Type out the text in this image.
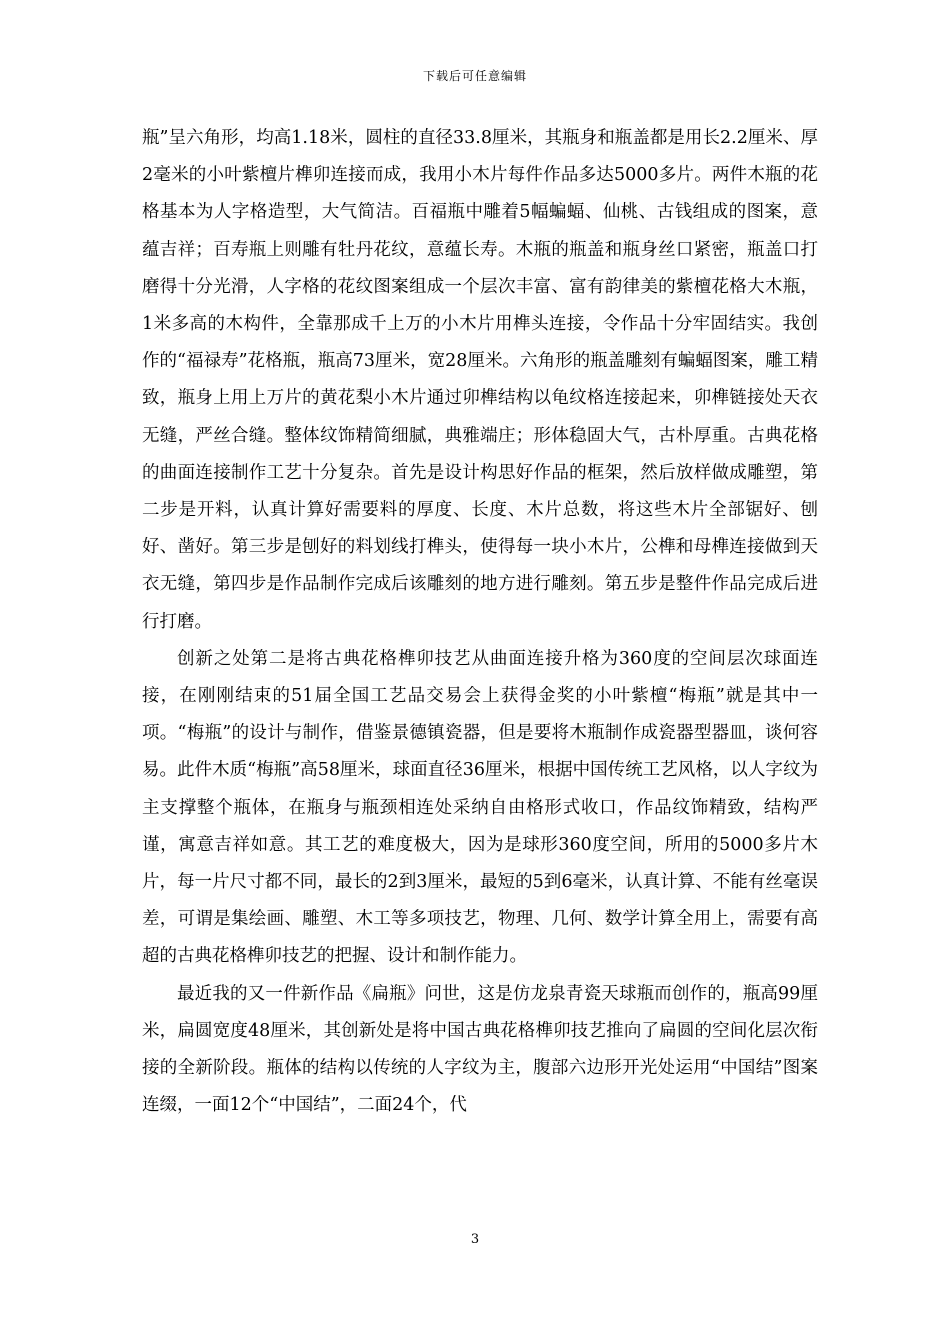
下载后可任意编辑

瓶”呈六角形，均高1.18米，圆柱的直径33.8厘米，其瓶身和瓶盖都是用长2.2厘米、厚2毫米的小叶紫檀片榫卯连接而成，我用小木片每件作品多达5000多片。两件木瓶的花格基本为人字格造型，大气简洁。百福瓶中雕着5幅蝙蝠、仙桃、古钱组成的图案，意蕴吉祥；百寿瓶上则雕有牡丹花纹，意蕴长寿。木瓶的瓶盖和瓶身丝口紧密，瓶盖口打磨得十分光滑，人字格的花纹图案组成一个层次丰富、富有韵律美的紫檀花格大木瓶，1米多高的木构件，全靠那成千上万的小木片用榫头连接，令作品十分牢固结实。我创作的“福禄寿”花格瓶，瓶高73厘米，宽28厘米。六角形的瓶盖雕刻有蝙蝠图案，雕工精致，瓶身上用上万片的黄花梨小木片通过卯榫结构以龟纹格连接起来，卯榫链接处天衣无缝，严丝合缝。整体纹饰精简细腻，典雅端庄；形体稳固大气，古朴厚重。古典花格的曲面连接制作工艺十分复杂。首先是设计构思好作品的框架，然后放样做成雕塑，第二步是开料，认真计算好需要料的厚度、长度、木片总数，将这些木片全部锯好、刨好、凿好。第三步是刨好的料划线打榫头，使得每一块小木片，公榫和母榫连接做到天衣无缝，第四步是作品制作完成后该雕刻的地方进行雕刻。第五步是整件作品完成后进行打磨。

创新之处第二是将古典花格榫卯技艺从曲面连接升格为360度的空间层次球面连接，在刚刚结束的51届全国工艺品交易会上获得金奖的小叶紫檀“梅瓶”就是其中一项。“梅瓶”的设计与制作，借鉴景德镇瓷器，但是要将木瓶制作成瓷器型器皿，谈何容易。此件木质“梅瓶”高58厘米，球面直径36厘米，根据中国传统工艺风格，以人字纹为主支撑整个瓶体，在瓶身与瓶颈相连处采纳自由格形式收口，作品纹饰精致，结构严谨，寓意吉祥如意。其工艺的难度极大，因为是球形360度空间，所用的5000多片木片，每一片尺寸都不同，最长的2到3厘米，最短的5到6毫米，认真计算、不能有丝毫误差，可谓是集绘画、雕塑、木工等多项技艺，物理、几何、数学计算全用上，需要有高超的古典花格榫卯技艺的把握、设计和制作能力。

最近我的又一件新作品《扁瓶》问世，这是仿龙泉青瓷天球瓶而创作的，瓶高99厘米，扁圆宽度48厘米，其创新处是将中国古典花格榫卯技艺推向了扁圆的空间化层次衔接的全新阶段。瓶体的结构以传统的人字纹为主，腹部六边形开光处运用“中国结”图案连缀，一面12个“中国结”，二面24个，代

3
